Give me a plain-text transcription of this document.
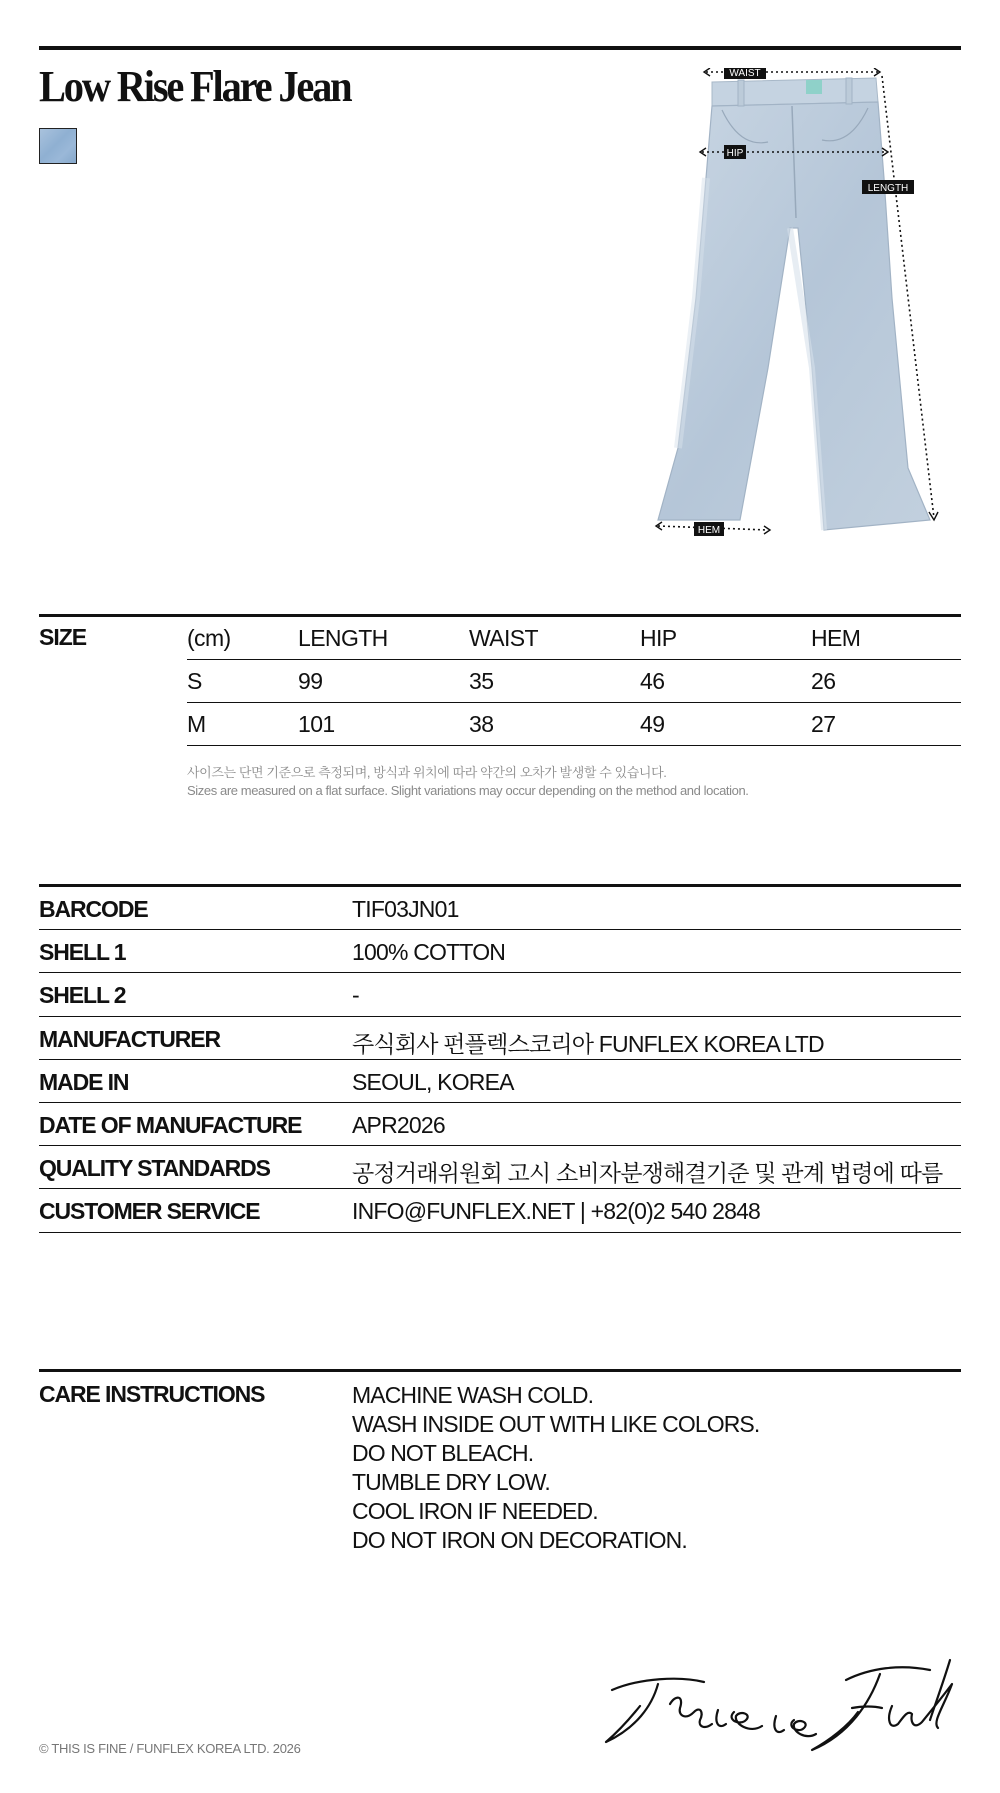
Low Rise Flare Jean	WAIST
HIP
LENGTH
HEM
SIZE	(cm)	LENGTH	WAIST	HIP	HEM
S	99	35	46	26
M	101	38	49	27
사이즈는 단면 기준으로 측정되며, 방식과 위치에 따라 약간의 오차가 발생할 수 있습니다.
Sizes are measured on a flat surface. Slight variations may occur depending on the method and location.
BARCODE	TIF03JN01
SHELL 1	100% COTTON
SHELL 2	-
MANUFACTURER	주식회사 펀플렉스코리아 FUNFLEX KOREA LTD
MADE IN	SEOUL, KOREA
DATE OF MANUFACTURE APR2026
QUALITY STANDARDS	공정거래위원회 고시 소비자분쟁해결기준 및 관계 법령에 따름
CUSTOMER SERVICE	INFO@FUNFLEX.NET | +82(0)2 540 2848
CARE INSTRUCTIONS	MACHINE WASH COLD.
WASH INSIDE OUT WITH LIKE COLORS.
DO NOT BLEACH.
TUMBLE DRY LOW.
COOL IRON IF NEEDED.
DO NOT IRON ON DECORATION.
© THIS IS FINE / FUNFLEX KOREA LTD. 2026
This is Fine
